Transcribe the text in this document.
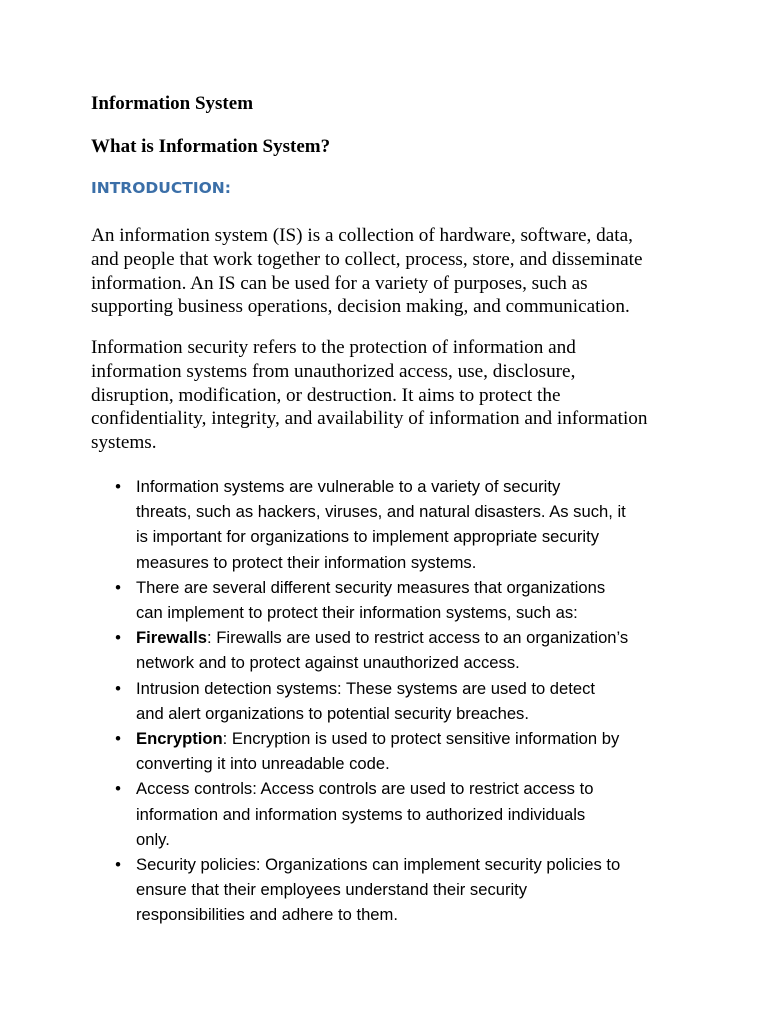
Information System
What is Information System?
INTRODUCTION:

An information system (IS) is a collection of hardware, software, data,
and people that work together to collect, process, store, and disseminate
information. An IS can be used for a variety of purposes, such as
supporting business operations, decision making, and communication.

Information security refers to the protection of information and
information systems from unauthorized access, use, disclosure,
disruption, modification, or destruction. It aims to protect the
confidentiality, integrity, and availability of information and information
systems.

• Information systems are vulnerable to a variety of security
threats, such as hackers, viruses, and natural disasters. As such, it
is important for organizations to implement appropriate security
measures to protect their information systems.
• There are several different security measures that organizations
can implement to protect their information systems, such as:
• Firewalls: Firewalls are used to restrict access to an organization’s
network and to protect against unauthorized access.
• Intrusion detection systems: These systems are used to detect
and alert organizations to potential security breaches.
• Encryption: Encryption is used to protect sensitive information by
converting it into unreadable code.
• Access controls: Access controls are used to restrict access to
information and information systems to authorized individuals
only.
• Security policies: Organizations can implement security policies to
ensure that their employees understand their security
responsibilities and adhere to them.
